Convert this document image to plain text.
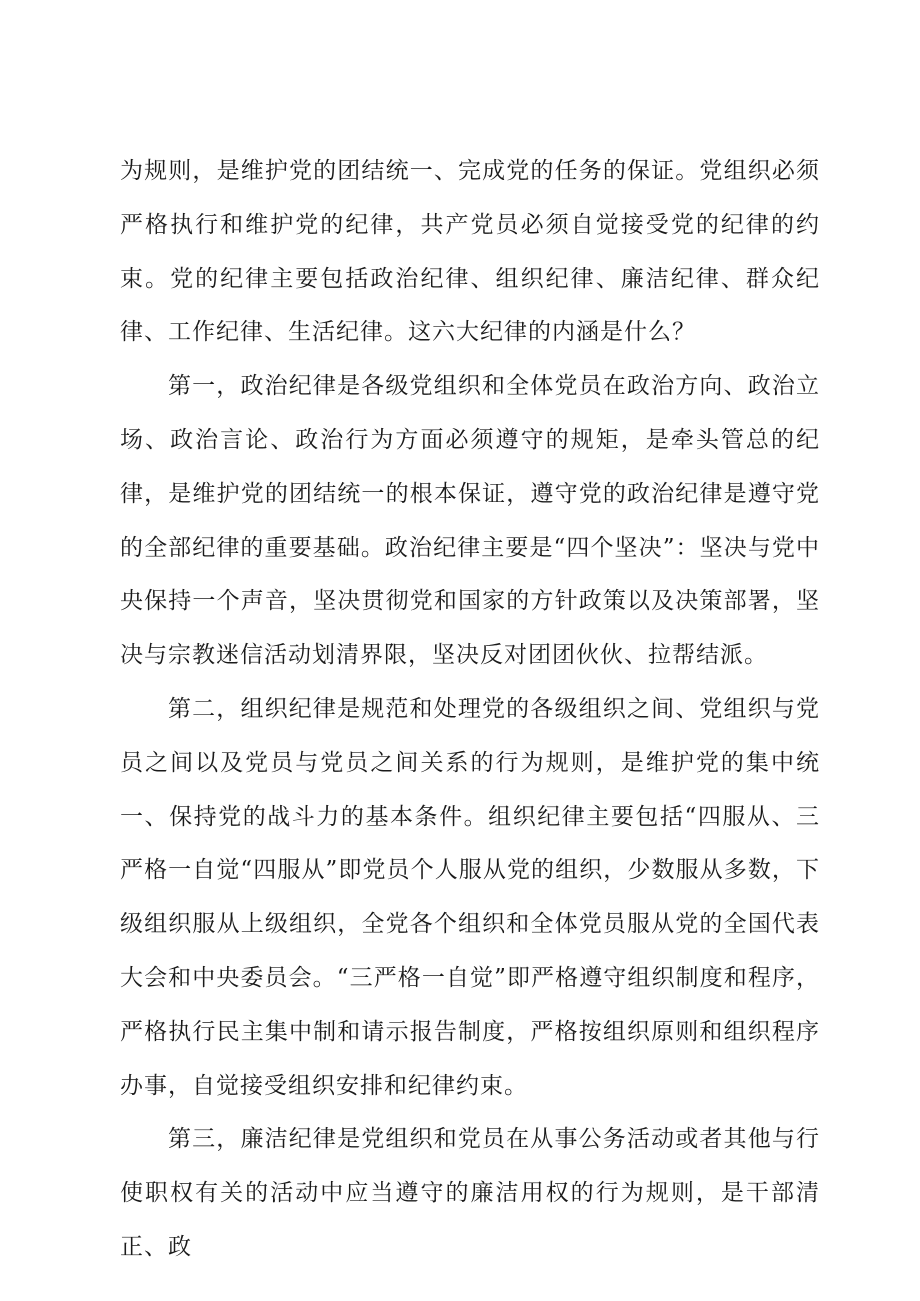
为规则，是维护党的团结统一、完成党的任务的保证。党组织必须严格执行和维护党的纪律，共产党员必须自觉接受党的纪律的约束。党的纪律主要包括政治纪律、组织纪律、廉洁纪律、群众纪律、工作纪律、生活纪律。这六大纪律的内涵是什么？

第一，政治纪律是各级党组织和全体党员在政治方向、政治立场、政治言论、政治行为方面必须遵守的规矩，是牵头管总的纪律，是维护党的团结统一的根本保证，遵守党的政治纪律是遵守党的全部纪律的重要基础。政治纪律主要是“四个坚决”：坚决与党中央保持一个声音，坚决贯彻党和国家的方针政策以及决策部署，坚决与宗教迷信活动划清界限，坚决反对团团伙伙、拉帮结派。

第二，组织纪律是规范和处理党的各级组织之间、党组织与党员之间以及党员与党员之间关系的行为规则，是维护党的集中统一、保持党的战斗力的基本条件。组织纪律主要包括“四服从、三严格一自觉“四服从”即党员个人服从党的组织，少数服从多数，下级组织服从上级组织，全党各个组织和全体党员服从党的全国代表大会和中央委员会。“三严格一自觉”即严格遵守组织制度和程序，严格执行民主集中制和请示报告制度，严格按组织原则和组织程序办事，自觉接受组织安排和纪律约束。

第三，廉洁纪律是党组织和党员在从事公务活动或者其他与行使职权有关的活动中应当遵守的廉洁用权的行为规则，是干部清正、政
